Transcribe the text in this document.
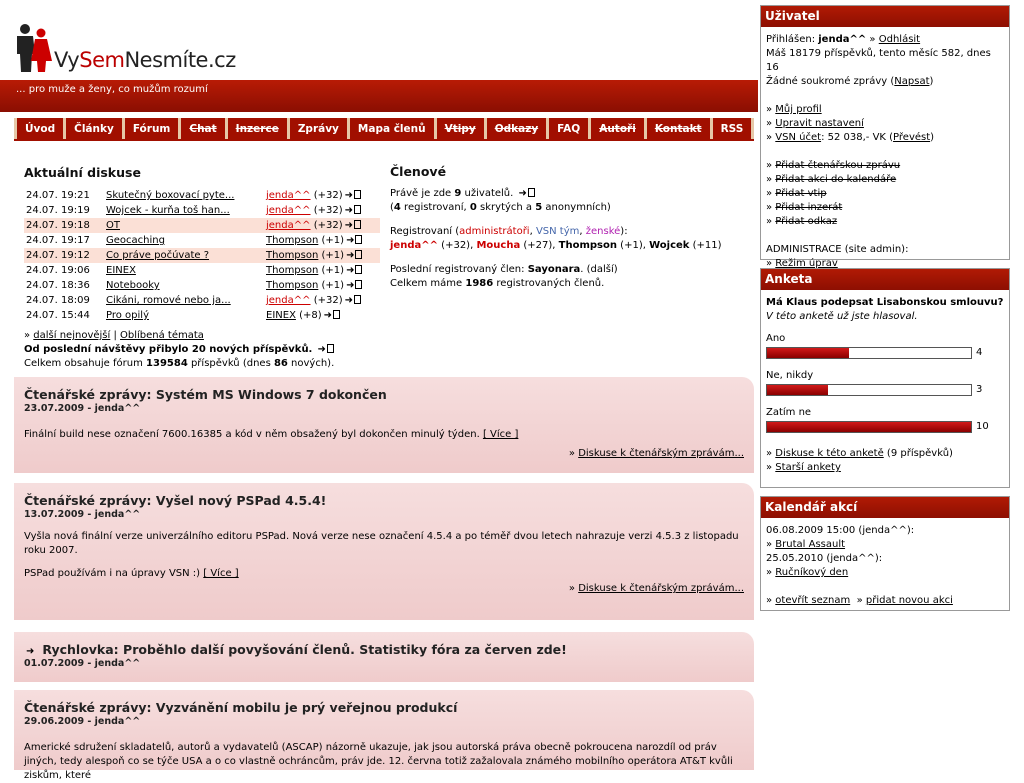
VySemNesmíte.cz
... pro muže a ženy, co mužům rozumí
Úvod	Články	Fórum	Chat	Inzerce	Zprávy	Mapa členů	Vtipy	Odkazy	FAQ	Autoři	Kontakt	RSS
Aktuální diskuse
24.07. 19:21	Skutečný boxovací pyte...	jenda^^ (+32) ➜
24.07. 19:19	Wojcek - kurňa toš han...	jenda^^ (+32) ➜
24.07. 19:18	OT	jenda^^ (+32) ➜
24.07. 19:17	Geocaching	Thompson (+1) ➜
24.07. 19:12	Co práve počúvate ?	Thompson (+1) ➜
24.07. 19:06	EINEX	Thompson (+1) ➜
24.07. 18:36	Notebooky	Thompson (+1) ➜
24.07. 18:09	Cikáni, romové nebo ja...	jenda^^ (+32) ➜
24.07. 15:44	Pro opilý	EINEX (+8) ➜
» další nejnovější | Oblíbená témata
Od poslední návštěvy přibylo 20 nových příspěvků. ➜
Celkem obsahuje fórum 139584 příspěvků (dnes 86 nových).
Členové

Právě je zde 9 uživatelů. ➜
(4 registrovaní, 0 skrytých a 5 anonymních)

Registrovaní (administrátoři, VSN tým, ženské):
jenda^^ (+32), Moucha (+27), Thompson (+1), Wojcek (+11)

Poslední registrovaný člen: Sayonara. (další)
Celkem máme 1986 registrovaných členů.

Čtenářské zprávy: Systém MS Windows 7 dokončen
23.07.2009 - jenda^^
Finální build nese označení 7600.16385 a kód v něm obsažený byl dokončen minulý týden. [ Více ]
» Diskuse k čtenářským zprávám...
Čtenářské zprávy: Vyšel nový PSPad 4.5.4!
13.07.2009 - jenda^^
Vyšla nová finální verze univerzálního editoru PSPad. Nová verze nese označení 4.5.4 a po téměř dvou letech nahrazuje verzi 4.5.3 z listopadu roku 2007.
PSPad používám i na úpravy VSN :) [ Více ]
» Diskuse k čtenářským zprávám...
➜ Rychlovka: Proběhlo další povyšování členů. Statistiky fóra za červen zde!
01.07.2009 - jenda^^
Čtenářské zprávy: Vyzvánění mobilu je prý veřejnou produkcí
29.06.2009 - jenda^^
Americké sdružení skladatelů, autorů a vydavatelů (ASCAP) názorně ukazuje, jak jsou autorská práva obecně pokroucena narozdíl od práv jiných, tedy alespoň co se týče USA a o co vlastně ochráncům, práv jde. 12. června totiž zažalovala známého mobilního operátora AT&T kvůli ziskům, které
Uživatel
Přihlášen: jenda^^ » Odhlásit
Máš 18179 příspěvků, tento měsíc 582, dnes 16
Žádné soukromé zprávy (Napsat)
» Můj profil
» Upravit nastavení
» VSN účet: 52 038,- VK (Převést)
» Přidat čtenářskou zprávu
» Přidat akci do kalendáře
» Přidat vtip
» Přidat inzerát
» Přidat odkaz
ADMINISTRACE (site admin):
» Režim úprav
Anketa
Má Klaus podepsat Lisabonskou smlouvu?
V této anketě už jste hlasoval.
Ano
4
Ne, nikdy
3
Zatím ne
10
» Diskuse k této anketě (9 příspěvků)
» Starší ankety
Kalendář akcí
06.08.2009 15:00 (jenda^^):
» Brutal Assault
25.05.2010 (jenda^^):
» Ručníkový den
» otevřít seznam  » přidat novou akci
